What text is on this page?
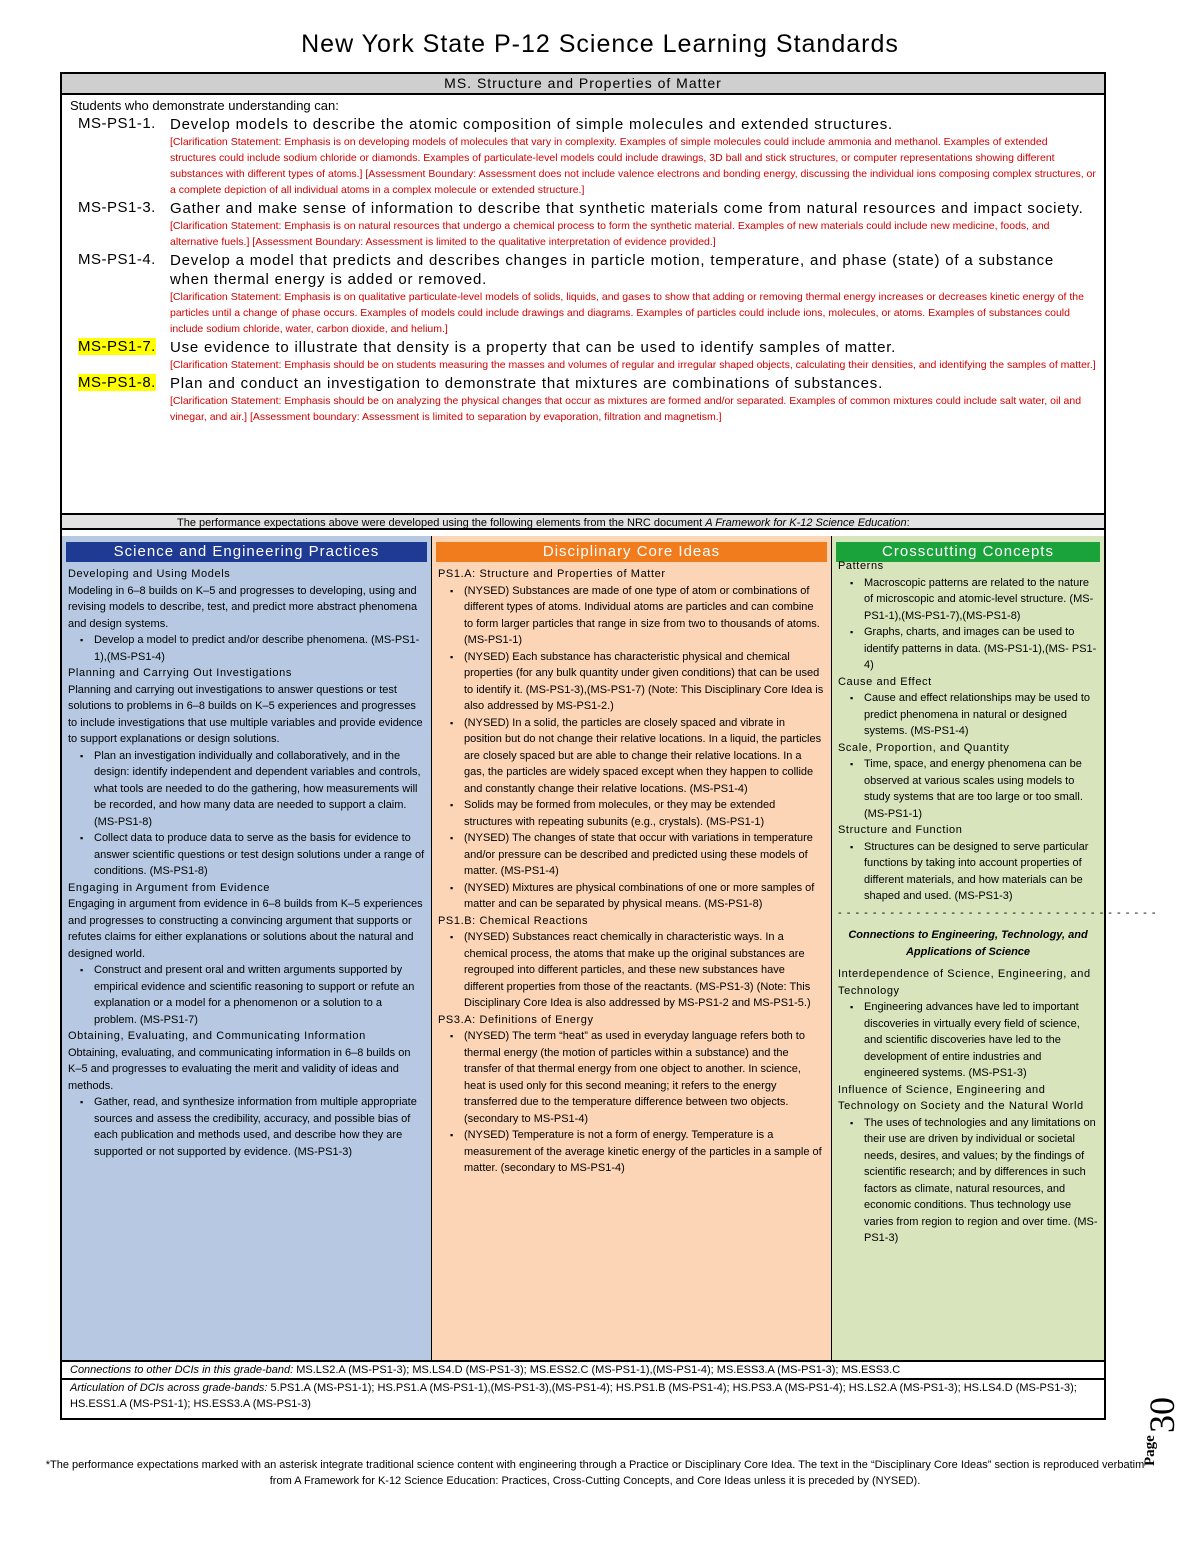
New York State P-12 Science Learning Standards
MS. Structure and Properties of Matter
Students who demonstrate understanding can:
MS-PS1-1. Develop models to describe the atomic composition of simple molecules and extended structures.
[Clarification Statement: Emphasis is on developing models of molecules that vary in complexity. Examples of simple molecules could include ammonia and methanol. Examples of extended structures could include sodium chloride or diamonds. Examples of particulate-level models could include drawings, 3D ball and stick structures, or computer representations showing different substances with different types of atoms.] [Assessment Boundary: Assessment does not include valence electrons and bonding energy, discussing the individual ions composing complex structures, or a complete depiction of all individual atoms in a complex molecule or extended structure.]
MS-PS1-3. Gather and make sense of information to describe that synthetic materials come from natural resources and impact society.
[Clarification Statement: Emphasis is on natural resources that undergo a chemical process to form the synthetic material. Examples of new materials could include new medicine, foods, and alternative fuels.] [Assessment Boundary: Assessment is limited to the qualitative interpretation of evidence provided.]
MS-PS1-4. Develop a model that predicts and describes changes in particle motion, temperature, and phase (state) of a substance when thermal energy is added or removed.
[Clarification Statement: Emphasis is on qualitative particulate-level models of solids, liquids, and gases to show that adding or removing thermal energy increases or decreases kinetic energy of the particles until a change of phase occurs. Examples of models could include drawings and diagrams. Examples of particles could include ions, molecules, or atoms. Examples of substances could include sodium chloride, water, carbon dioxide, and helium.]
MS-PS1-7. Use evidence to illustrate that density is a property that can be used to identify samples of matter.
[Clarification Statement: Emphasis should be on students measuring the masses and volumes of regular and irregular shaped objects, calculating their densities, and identifying the samples of matter.]
MS-PS1-8. Plan and conduct an investigation to demonstrate that mixtures are combinations of substances.
[Clarification Statement: Emphasis should be on analyzing the physical changes that occur as mixtures are formed and/or separated. Examples of common mixtures could include salt water, oil and vinegar, and air.] [Assessment boundary: Assessment is limited to separation by evaporation, filtration and magnetism.]
The performance expectations above were developed using the following elements from the NRC document A Framework for K-12 Science Education:
Science and Engineering Practices
Developing and Using Models
Modeling in 6–8 builds on K–5 and progresses to developing, using and revising models to describe, test, and predict more abstract phenomena and design systems.
▪ Develop a model to predict and/or describe phenomena. (MS-PS1-1),(MS-PS1-4)
Planning and Carrying Out Investigations
Planning and carrying out investigations to answer questions or test solutions to problems in 6–8 builds on K–5 experiences and progresses to include investigations that use multiple variables and provide evidence to support explanations or design solutions.
▪ Plan an investigation individually and collaboratively, and in the design: identify independent and dependent variables and controls, what tools are needed to do the gathering, how measurements will be recorded, and how many data are needed to support a claim. (MS-PS1-8)
▪ Collect data to produce data to serve as the basis for evidence to answer scientific questions or test design solutions under a range of conditions. (MS-PS1-8)
Engaging in Argument from Evidence
Engaging in argument from evidence in 6–8 builds from K–5 experiences and progresses to constructing a convincing argument that supports or refutes claims for either explanations or solutions about the natural and designed world.
▪ Construct and present oral and written arguments supported by empirical evidence and scientific reasoning to support or refute an explanation or a model for a phenomenon or a solution to a problem. (MS-PS1-7)
Obtaining, Evaluating, and Communicating Information
Obtaining, evaluating, and communicating information in 6–8 builds on K–5 and progresses to evaluating the merit and validity of ideas and methods.
▪ Gather, read, and synthesize information from multiple appropriate sources and assess the credibility, accuracy, and possible bias of each publication and methods used, and describe how they are supported or not supported by evidence. (MS-PS1-3)
Disciplinary Core Ideas
PS1.A: Structure and Properties of Matter
▪ (NYSED) Substances are made of one type of atom or combinations of different types of atoms. Individual atoms are particles and can combine to form larger particles that range in size from two to thousands of atoms. (MS-PS1-1)
▪ (NYSED) Each substance has characteristic physical and chemical properties (for any bulk quantity under given conditions) that can be used to identify it. (MS-PS1-3),(MS-PS1-7) (Note: This Disciplinary Core Idea is also addressed by MS-PS1-2.)
▪ (NYSED) In a solid, the particles are closely spaced and vibrate in position but do not change their relative locations. In a liquid, the particles are closely spaced but are able to change their relative locations. In a gas, the particles are widely spaced except when they happen to collide and constantly change their relative locations. (MS-PS1-4)
▪ Solids may be formed from molecules, or they may be extended structures with repeating subunits (e.g., crystals). (MS-PS1-1)
▪ (NYSED) The changes of state that occur with variations in temperature and/or pressure can be described and predicted using these models of matter. (MS-PS1-4)
▪ (NYSED) Mixtures are physical combinations of one or more samples of matter and can be separated by physical means. (MS-PS1-8)
PS1.B: Chemical Reactions
▪ (NYSED) Substances react chemically in characteristic ways. In a chemical process, the atoms that make up the original substances are regrouped into different particles, and these new substances have different properties from those of the reactants. (MS-PS1-3) (Note: This Disciplinary Core Idea is also addressed by MS-PS1-2 and MS-PS1-5.)
PS3.A: Definitions of Energy
▪ (NYSED) The term “heat” as used in everyday language refers both to thermal energy (the motion of particles within a substance) and the transfer of that thermal energy from one object to another. In science, heat is used only for this second meaning; it refers to the energy transferred due to the temperature difference between two objects. (secondary to MS-PS1-4)
▪ (NYSED) Temperature is not a form of energy. Temperature is a measurement of the average kinetic energy of the particles in a sample of matter. (secondary to MS-PS1-4)
Crosscutting Concepts
Patterns
▪ Macroscopic patterns are related to the nature of microscopic and atomic-level structure. (MS-PS1-1),(MS-PS1-7),(MS-PS1-8)
▪ Graphs, charts, and images can be used to identify patterns in data. (MS-PS1-1),(MS- PS1-4)
Cause and Effect
▪ Cause and effect relationships may be used to predict phenomena in natural or designed systems. (MS-PS1-4)
Scale, Proportion, and Quantity
▪ Time, space, and energy phenomena can be observed at various scales using models to study systems that are too large or too small. (MS-PS1-1)
Structure and Function
▪ Structures can be designed to serve particular functions by taking into account properties of different materials, and how materials can be shaped and used. (MS-PS1-3)
- - - - - - - - - - - - - - - - - - - - - - - - - - - - - - - - - - - - -
Connections to Engineering, Technology, and Applications of Science
Interdependence of Science, Engineering, and Technology
▪ Engineering advances have led to important discoveries in virtually every field of science, and scientific discoveries have led to the development of entire industries and engineered systems. (MS-PS1-3)
Influence of Science, Engineering and Technology on Society and the Natural World
▪ The uses of technologies and any limitations on their use are driven by individual or societal needs, desires, and values; by the findings of scientific research; and by differences in such factors as climate, natural resources, and economic conditions. Thus technology use varies from region to region and over time. (MS-PS1-3)
Connections to other DCIs in this grade-band: MS.LS2.A (MS-PS1-3); MS.LS4.D (MS-PS1-3); MS.ESS2.C (MS-PS1-1),(MS-PS1-4); MS.ESS3.A (MS-PS1-3); MS.ESS3.C
Articulation of DCIs across grade-bands: 5.PS1.A (MS-PS1-1); HS.PS1.A (MS-PS1-1),(MS-PS1-3),(MS-PS1-4); HS.PS1.B (MS-PS1-4); HS.PS3.A (MS-PS1-4); HS.LS2.A (MS-PS1-3); HS.LS4.D (MS-PS1-3); HS.ESS1.A (MS-PS1-1); HS.ESS3.A (MS-PS1-3)
*The performance expectations marked with an asterisk integrate traditional science content with engineering through a Practice or Disciplinary Core Idea. The text in the “Disciplinary Core Ideas” section is reproduced verbatim from A Framework for K-12 Science Education: Practices, Cross-Cutting Concepts, and Core Ideas unless it is preceded by (NYSED).
30
Page
